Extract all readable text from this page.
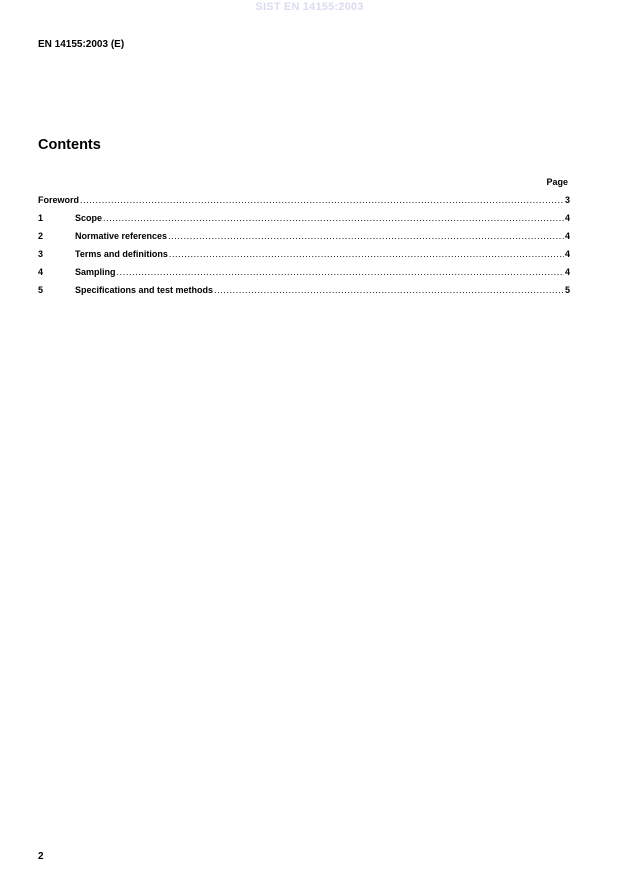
SIST EN 14155:2003
EN 14155:2003 (E)
Contents
Page
Foreword .....	3
1	Scope .....	4
2	Normative references .....	4
3	Terms and definitions .....	4
4	Sampling .....	4
5	Specifications and test methods .....	5
2
